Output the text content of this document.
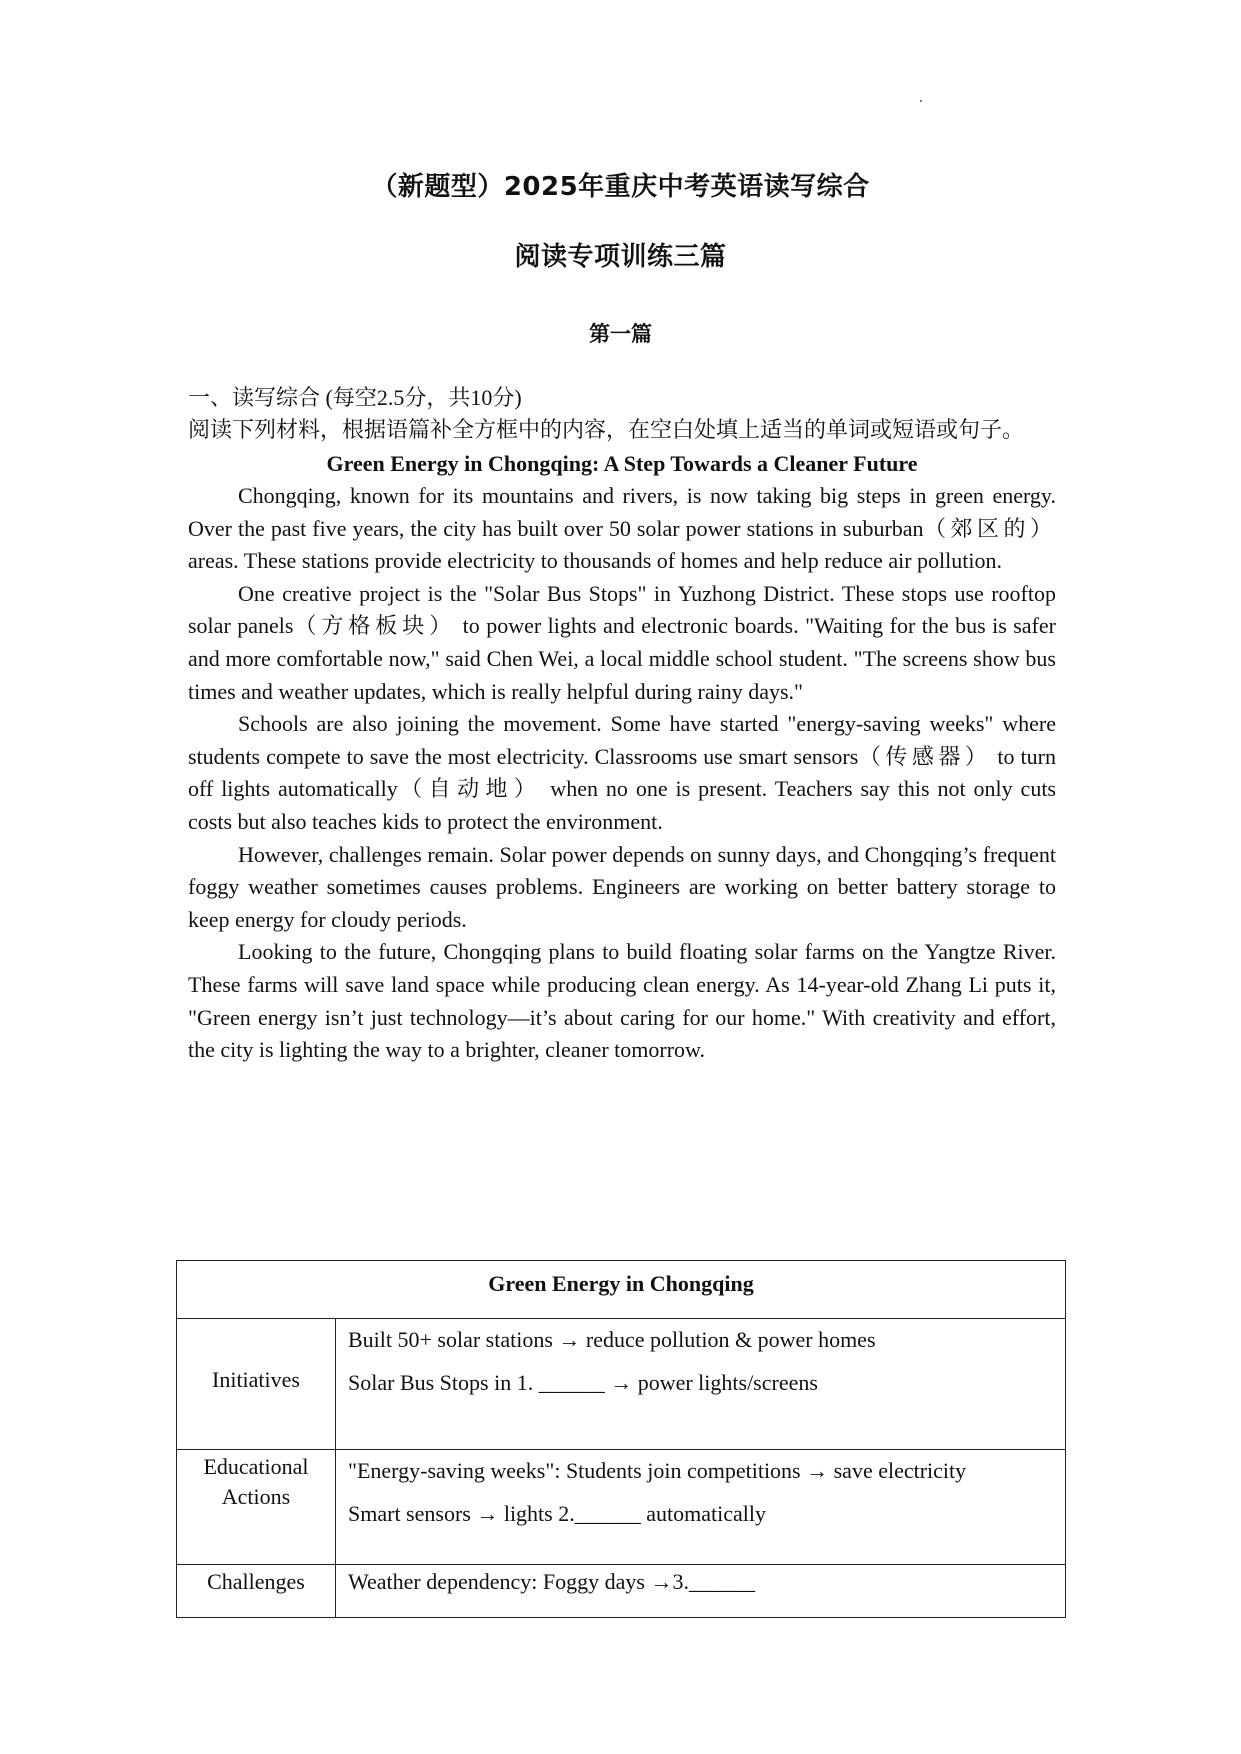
（新题型）2025年重庆中考英语读写综合
阅读专项训练三篇
第一篇
一、读写综合 (每空2.5分，共10分)
阅读下列材料，根据语篇补全方框中的内容，在空白处填上适当的单词或短语或句子。
Green Energy in Chongqing: A Step Towards a Cleaner Future

Chongqing, known for its mountains and rivers, is now taking big steps in green energy. Over the past five years, the city has built over 50 solar power stations in suburban（郊区的） areas. These stations provide electricity to thousands of homes and help reduce air pollution.

One creative project is the "Solar Bus Stops" in Yuzhong District. These stops use rooftop solar panels（方格板块） to power lights and electronic boards. "Waiting for the bus is safer and more comfortable now," said Chen Wei, a local middle school student. "The screens show bus times and weather updates, which is really helpful during rainy days."

Schools are also joining the movement. Some have started "energy-saving weeks" where students compete to save the most electricity. Classrooms use smart sensors（传感器） to turn off lights automatically（自动地） when no one is present. Teachers say this not only cuts costs but also teaches kids to protect the environment.

However, challenges remain. Solar power depends on sunny days, and Chongqing’s frequent foggy weather sometimes causes problems. Engineers are working on better battery storage to keep energy for cloudy periods.

Looking to the future, Chongqing plans to build floating solar farms on the Yangtze River. These farms will save land space while producing clean energy. As 14-year-old Zhang Li puts it, "Green energy isn’t just technology—it’s about caring for our home." With creativity and effort, the city is lighting the way to a brighter, cleaner tomorrow.

Green Energy in Chongqing	
Initiatives	Built 50+ solar stations → reduce pollution & power homes
Solar Bus Stops in 1. ______ → power lights/screens

Educational Actions	"Energy-saving weeks": Students join competitions → save electricity
Smart sensors → lights 2.______ automatically

Challenges	Weather dependency: Foggy days →3.______
